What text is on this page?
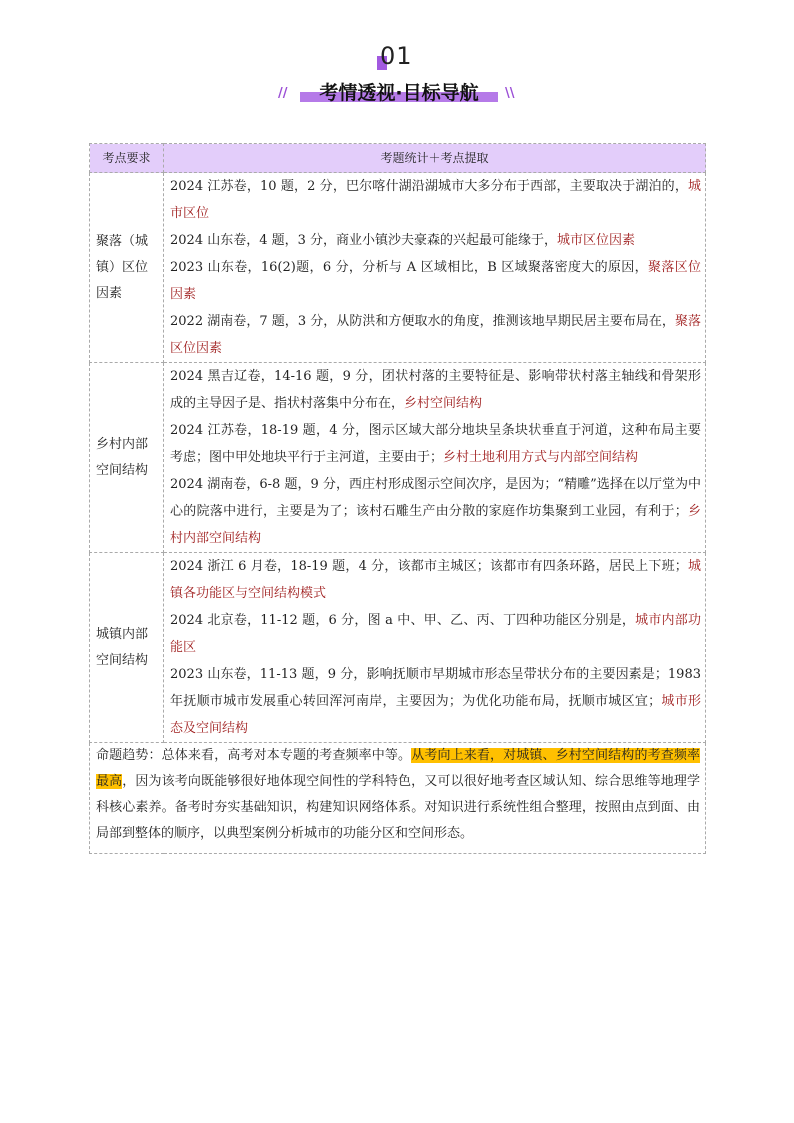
01
考情透视·目标导航
//	\\
考点要求	考题统计＋考点提取
聚落（城镇）区位因素	2024 江苏卷，10 题，2 分，巴尔喀什湖沿湖城市大多分布于西部，主要取决于湖泊的，城市区位
2024 山东卷，4 题，3 分，商业小镇沙夫豪森的兴起最可能缘于，城市区位因素
2023 山东卷，16(2)题，6 分，分析与 A 区域相比，B 区域聚落密度大的原因，聚落区位因素
2022 湖南卷，7 题，3 分，从防洪和方便取水的角度，推测该地早期民居主要布局在，聚落区位因素

乡村内部空间结构	2024 黑吉辽卷，14-16 题，9 分，团状村落的主要特征是、影响带状村落主轴线和骨架形成的主导因子是、指状村落集中分布在，乡村空间结构
2024 江苏卷，18-19 题，4 分，图示区域大部分地块呈条块状垂直于河道，这种布局主要考虑；图中甲处地块平行于主河道，主要由于；乡村土地利用方式与内部空间结构
2024 湖南卷，6-8 题，9 分，西庄村形成图示空间次序，是因为；“精雕”选择在以厅堂为中心的院落中进行，主要是为了；该村石雕生产由分散的家庭作坊集聚到工业园，有利于；乡村内部空间结构

城镇内部空间结构	2024 浙江 6 月卷，18-19 题，4 分，该都市主城区；该都市有四条环路，居民上下班；城镇各功能区与空间结构模式
2024 北京卷，11-12 题，6 分，图 a 中、甲、乙、丙、丁四种功能区分别是，城市内部功能区
2023 山东卷，11-13 题，9 分，影响抚顺市早期城市形态呈带状分布的主要因素是；1983 年抚顺市城市发展重心转回浑河南岸，主要因为；为优化功能布局，抚顺市城区宜；城市形态及空间结构

命题趋势：总体来看，高考对本专题的考查频率中等。从考向上来看，对城镇、乡村空间结构的考查频率最高，因为该考向既能够很好地体现空间性的学科特色，又可以很好地考查区域认知、综合思维等地理学科核心素养。备考时夯实基础知识，构建知识网络体系。对知识进行系统性组合整理，按照由点到面、由局部到整体的顺序，以典型案例分析城市的功能分区和空间形态。	
